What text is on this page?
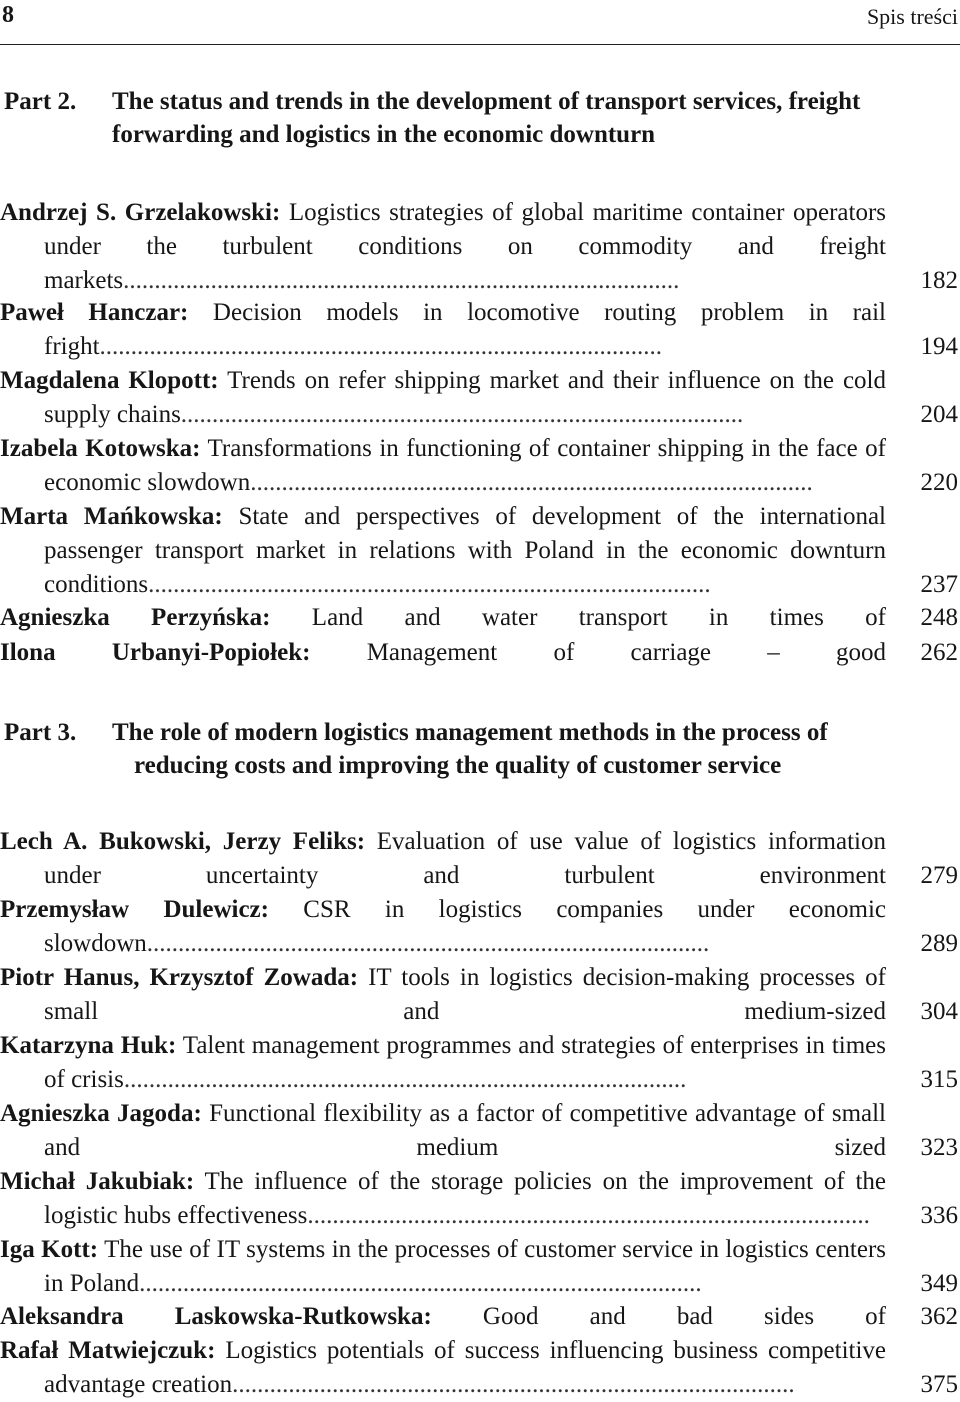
8	Spis treści
Part 2. The status and trends in the development of transport services, freight forwarding and logistics in the economic downturn
Andrzej S. Grzelakowski: Logistics strategies of global maritime container operators under the turbulent conditions on commodity and freight markets.........................................................................................	182
Paweł Hanczar: Decision models in locomotive routing problem in rail fright..........................................................................................	194
Magdalena Klopott: Trends on refer shipping market and their influence on the cold supply chains..........................................................................................	204
Izabela Kotowska: Transformations in functioning of container shipping in the face of economic slowdown..........................................................................................	220
Marta Mańkowska: State and perspectives of development of the international passenger transport market in relations with Poland in the economic downturn conditions..........................................................................................	237
Agnieszka Perzyńska: Land and water transport in times of	248
Ilona Urbanyi-Popiołek: Management of carriage – good	262
Part 3. The role of modern logistics management methods in the process of reducing costs and improving the quality of customer service
Lech A. Bukowski, Jerzy Feliks: Evaluation of use value of logistics information under uncertainty and turbulent environment	279
Przemysław Dulewicz: CSR in logistics companies under economic slowdown..........................................................................................	289
Piotr Hanus, Krzysztof Zowada: IT tools in logistics decision-making processes of small and medium-sized	304
Katarzyna Huk: Talent management programmes and strategies of enterprises in times of crisis..........................................................................................	315
Agnieszka Jagoda: Functional flexibility as a factor of competitive advantage of small and medium sized	323
Michał Jakubiak: The influence of the storage policies on the improvement of the logistic hubs effectiveness..........................................................................................	336
Iga Kott: The use of IT systems in the processes of customer service in logistics centers in Poland..........................................................................................	349
Aleksandra Laskowska-Rutkowska: Good and bad sides of	362
Rafał Matwiejczuk: Logistics potentials of success influencing business competitive advantage creation..........................................................................................	375
